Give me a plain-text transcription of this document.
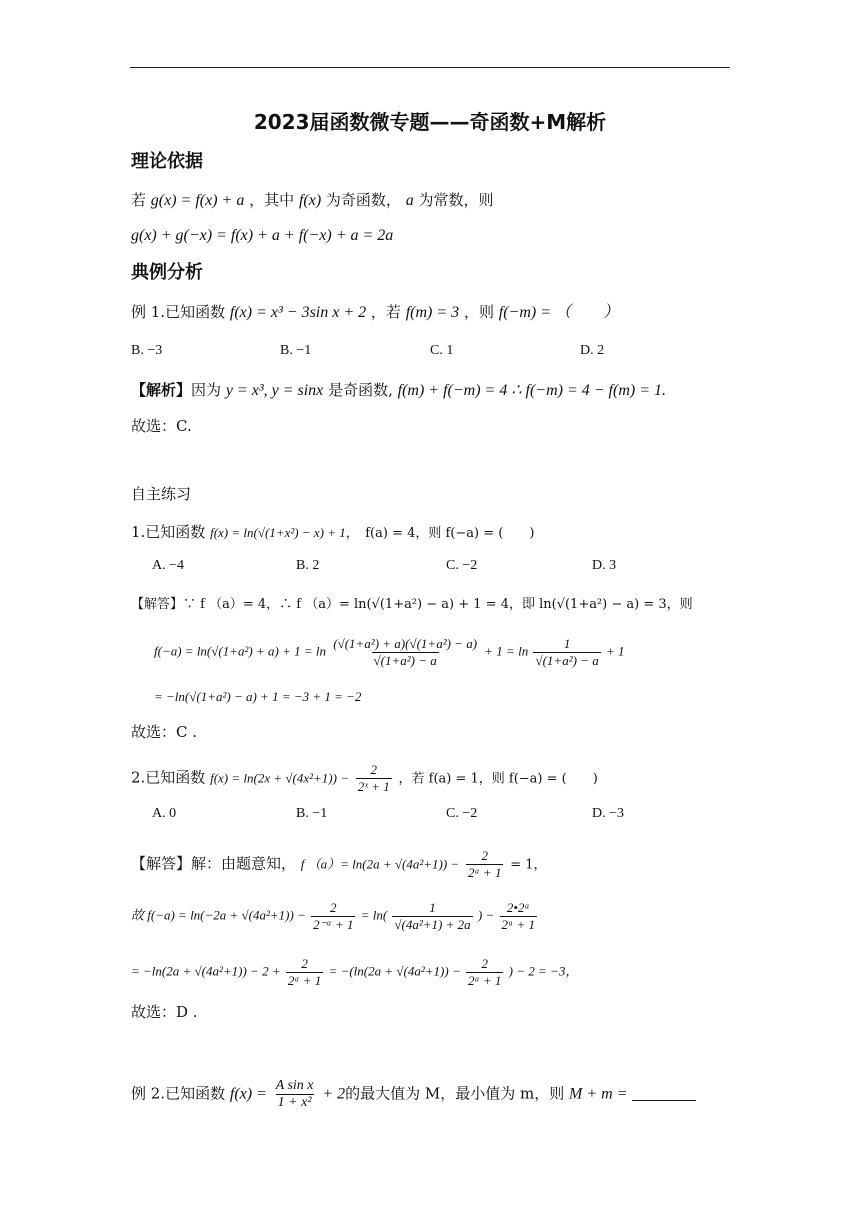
2023届函数微专题——奇函数+M解析
理论依据
若 g(x) = f(x) + a ，其中 f(x) 为奇函数， a 为常数，则
g(x) + g(−x) = f(x) + a + f(−x) + a = 2a
典例分析
例 1.已知函数 f(x) = x³ − 3sin x + 2 ，若 f(m) = 3 ，则 f(−m) = （　　）
B. −3	B. −1	C. 1	D. 2
【解析】因为 y = x³, y = sinx 是奇函数, f(m) + f(−m) = 4 ∴ f(−m) = 4 − f(m) = 1.
故选：C.
自主练习
1.已知函数 f(x) = ln(√(1+x²) − x) + 1，　f(a) = 4，则 f(−a) = (　　)
A. −4	B. 2	C. −2	D. 3
【解答】∵ f （a）= 4，∴ f （a）= ln(√(1+a²) − a) + 1 = 4，即 ln(√(1+a²) − a) = 3，则
$f(-a) = \ln(√(1+a^2) + a) + 1 = \ln \frac{\text{(√(1+a²) + a)(√(1+a²) − a)}}{\text{√(1+a²) − a}} + 1 = \ln \frac{1}{\text{√(1+a²) − a}} + 1$
= −ln(√(1+a²) − a) + 1 = −3 + 1 = −2
故选：C .
2.已知函数 $f(x) = \ln(2x + √(4x^2+1)) - \frac{2}{\text{2ˣ + 1}}$ ，若 f(a) = 1，则 f(−a) = (　　)
A. 0	B. −1	C. −2	D. −3
【解答】解：由题意知， f $(a)= \ln(2a + √(4a^2+1)) - \frac{2}{\text{2ᵃ + 1}} = 1$，
故 $f(-a) = \ln(-2a + √(4a^2+1)) - \frac{2}{\text{2⁻ᵃ + 1}} = \ln( \frac{1}{\text{√(4a²+1) + 2a}}$ ) − $\frac{\text{2•2ᵃ}}{\text{2ᵃ + 1}}$
= $-\ln(2a + √(4a^2+1)) - 2 + \frac{2}{\text{2ᵃ + 1}} = -(\ln(2a + √(4a^2+1)) - \frac{2}{\text{2ᵃ + 1}}$ ) − 2 = −3，
故选：D .
例 2.已知函数 $f(x) = \frac{\text{A sin x}}{\text{1 + x²}} + 2$的最大值为 M，最小值为 m，则 M + m =
